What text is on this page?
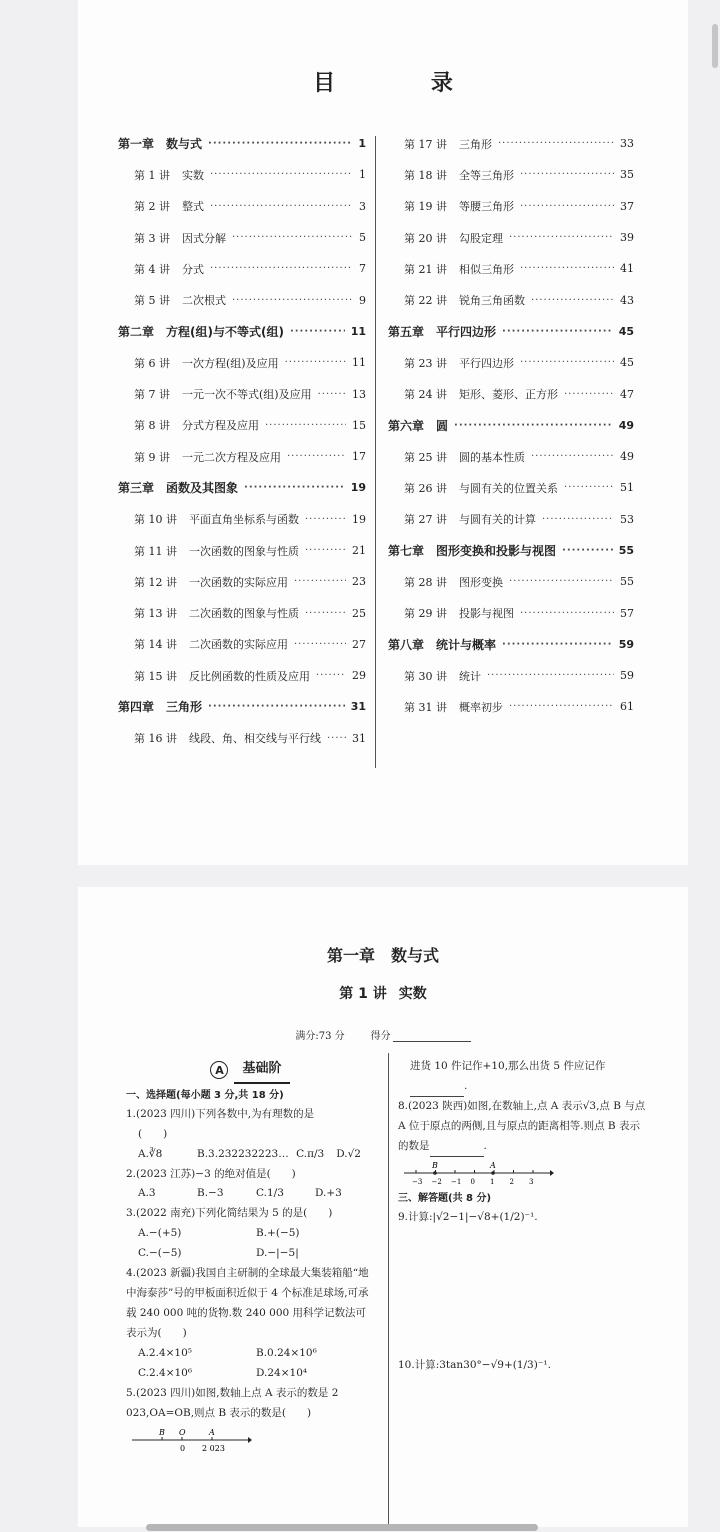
目 录
第一章　数与式 ·····	1
第 1 讲 实数 ·····	1
第 2 讲 整式 ·····	3
第 3 讲 因式分解 ·····	5
第 4 讲 分式 ·····	7
第 5 讲 二次根式 ·····	9
第二章　方程(组)与不等式(组) ·····	11
第 6 讲 一次方程(组)及应用 ·····	11
第 7 讲 一元一次不等式(组)及应用 ·····	13
第 8 讲 分式方程及应用 ·····	15
第 9 讲 一元二次方程及应用 ·····	17
第三章　函数及其图象 ·····	19
第 10 讲 平面直角坐标系与函数 ·····	19
第 11 讲 一次函数的图象与性质 ·····	21
第 12 讲 一次函数的实际应用 ·····	23
第 13 讲 二次函数的图象与性质 ·····	25
第 14 讲 二次函数的实际应用 ·····	27
第 15 讲 反比例函数的性质及应用 ·····	29
第四章　三角形 ·····	31
第 16 讲 线段、角、相交线与平行线 ·····	31
第 17 讲 三角形 ·····	33
第 18 讲 全等三角形 ·····	35
第 19 讲 等腰三角形 ·····	37
第 20 讲 勾股定理 ·····	39
第 21 讲 相似三角形 ·····	41
第 22 讲 锐角三角函数 ·····	43
第五章　平行四边形 ·····	45
第 23 讲 平行四边形 ·····	45
第 24 讲 矩形、菱形、正方形 ·····	47
第六章　圆 ·····	49
第 25 讲 圆的基本性质 ·····	49
第 26 讲 与圆有关的位置关系 ·····	51
第 27 讲 与圆有关的计算 ·····	53
第七章　图形变换和投影与视图 ·····	55
第 28 讲 图形变换 ·····	55
第 29 讲 投影与视图 ·····	57
第八章　统计与概率 ·····	59
第 30 讲 统计 ·····	59
第 31 讲 概率初步 ·····	61
第一章 数与式
第 1 讲 实数
满分:73 分	得分
A	基础阶
一、选择题(每小题 3 分,共 18 分)
1.(2023 四川)下列各数中,为有理数的是
(　　)
A.∛8	B.3.232232223… C.π/3	D.√2
2.(2023 江苏)−3 的绝对值是(　　)
A.3	B.−3	C.1/3	D.+3
3.(2022 南充)下列化简结果为 5 的是(　　)
A.−(+5)	B.+(−5)
C.−(−5)	D.−|−5|
4.(2023 新疆)我国自主研制的全球最大集装箱船“地中海泰莎”号的甲板面积近似于 4 个标准足球场,可承载 240 000 吨的货物.数 240 000 用科学记数法可表示为(　　)
A.2.4×10⁵	B.0.24×10⁶
C.2.4×10⁶	D.24×10⁴
5.(2023 四川)如图,数轴上点 A 表示的数是 2 023,OA=OB,则点 B 表示的数是(　　)
B O	A
0 2 023
进货 10 件记作+10,那么出货 5 件应记作
.
8.(2023 陕西)如图,在数轴上,点 A 表示√3,点 B 与点 A 位于原点的两侧,且与原点的距离相等.则点 B 表示的数是	.
−3 −2 −1 0 1 2 3
B	A
三、解答题(共 8 分)
9.计算:|√2−1|−√8+(1/2)⁻¹.
10.计算:3tan30°−√9+(1/3)⁻¹.
